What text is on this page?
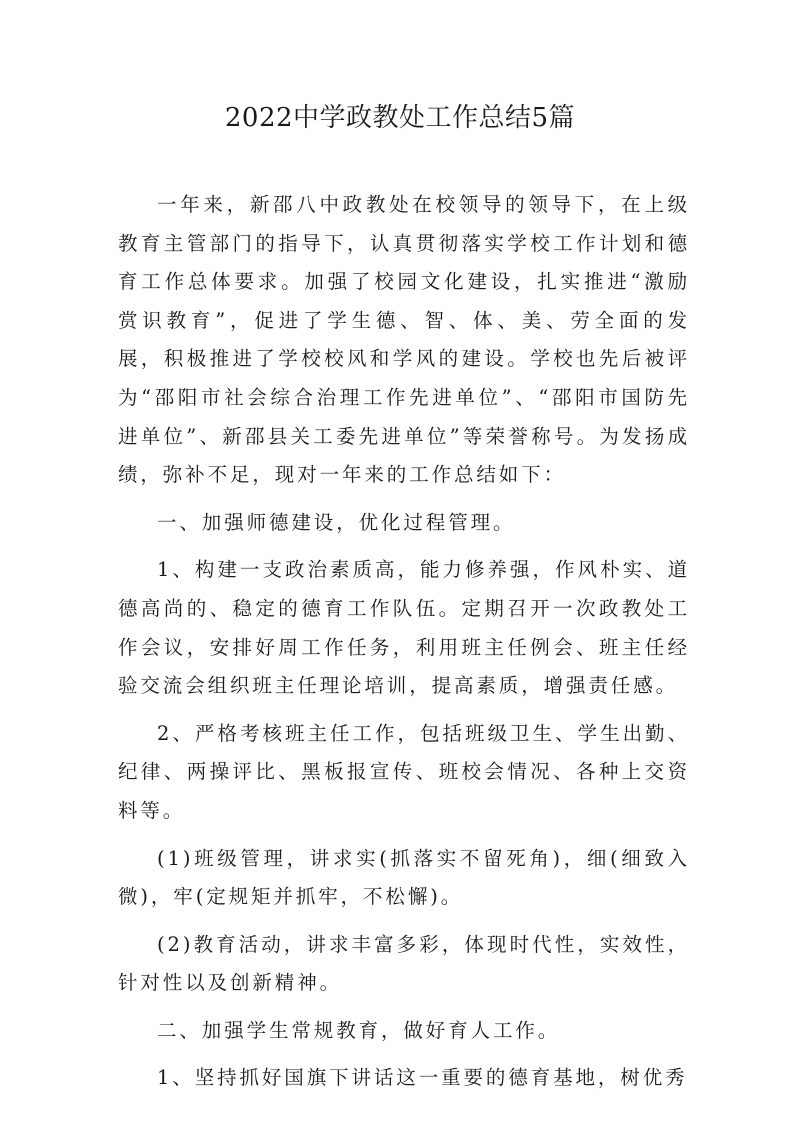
2022中学政教处工作总结5篇

一年来，新邵八中政教处在校领导的领导下，在上级教育主管部门的指导下，认真贯彻落实学校工作计划和德育工作总体要求。加强了校园文化建设，扎实推进“激励赏识教育”，促进了学生德、智、体、美、劳全面的发展，积极推进了学校校风和学风的建设。学校也先后被评为“邵阳市社会综合治理工作先进单位”、“邵阳市国防先进单位”、新邵县关工委先进单位”等荣誉称号。为发扬成绩，弥补不足，现对一年来的工作总结如下：

一、加强师德建设，优化过程管理。

1、构建一支政治素质高，能力修养强，作风朴实、道德高尚的、稳定的德育工作队伍。定期召开一次政教处工作会议，安排好周工作任务，利用班主任例会、班主任经验交流会组织班主任理论培训，提高素质，增强责任感。

2、严格考核班主任工作，包括班级卫生、学生出勤、纪律、两操评比、黑板报宣传、班校会情况、各种上交资料等。

(1)班级管理，讲求实(抓落实不留死角)，细(细致入微)，牢(定规矩并抓牢，不松懈)。

(2)教育活动，讲求丰富多彩，体现时代性，实效性，针对性以及创新精神。

二、加强学生常规教育，做好育人工作。

1、坚持抓好国旗下讲话这一重要的德育基地，树优秀
